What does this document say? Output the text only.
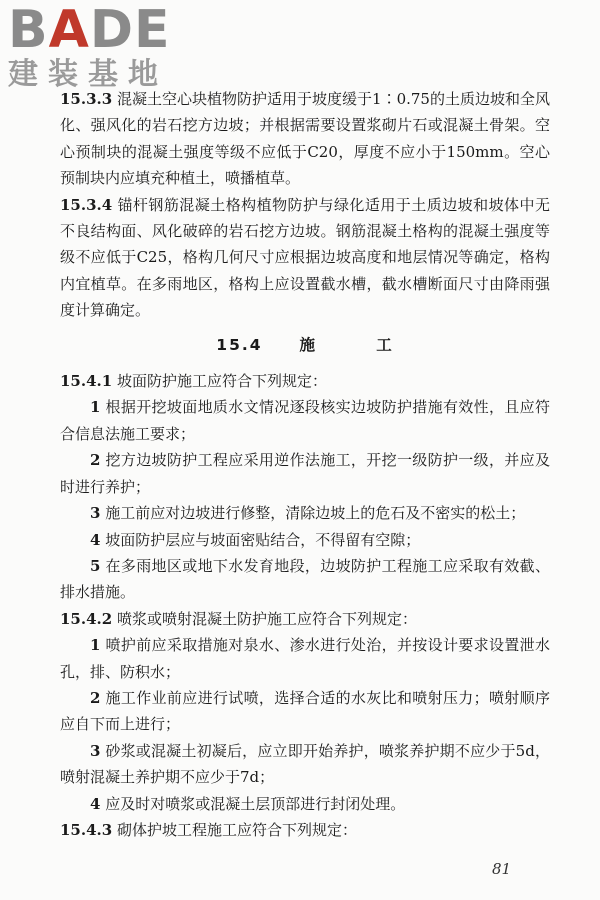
BADE
建装基地

15.3.3 混凝土空心块植物防护适用于坡度缓于1∶0.75的土质边坡和全风化、强风化的岩石挖方边坡；并根据需要设置浆砌片石或混凝土骨架。空心预制块的混凝土强度等级不应低于C20，厚度不应小于150mm。空心预制块内应填充种植土，喷播植草。

15.3.4 锚杆钢筋混凝土格构植物防护与绿化适用于土质边坡和坡体中无不良结构面、风化破碎的岩石挖方边坡。钢筋混凝土格构的混凝土强度等级不应低于C25，格构几何尺寸应根据边坡高度和地层情况等确定，格构内宜植草。在多雨地区，格构上应设置截水槽，截水槽断面尺寸由降雨强度计算确定。

15.4 施	工

15.4.1 坡面防护施工应符合下列规定：

1 根据开挖坡面地质水文情况逐段核实边坡防护措施有效性，且应符合信息法施工要求；

2 挖方边坡防护工程应采用逆作法施工，开挖一级防护一级，并应及时进行养护；

3 施工前应对边坡进行修整，清除边坡上的危石及不密实的松土；

4 坡面防护层应与坡面密贴结合，不得留有空隙；

5 在多雨地区或地下水发育地段，边坡防护工程施工应采取有效截、排水措施。

15.4.2 喷浆或喷射混凝土防护施工应符合下列规定：

1 喷护前应采取措施对泉水、渗水进行处治，并按设计要求设置泄水孔，排、防积水；

2 施工作业前应进行试喷，选择合适的水灰比和喷射压力；喷射顺序应自下而上进行；

3 砂浆或混凝土初凝后，应立即开始养护，喷浆养护期不应少于5d，喷射混凝土养护期不应少于7d；

4 应及时对喷浆或混凝土层顶部进行封闭处理。

15.4.3 砌体护坡工程施工应符合下列规定：

81
